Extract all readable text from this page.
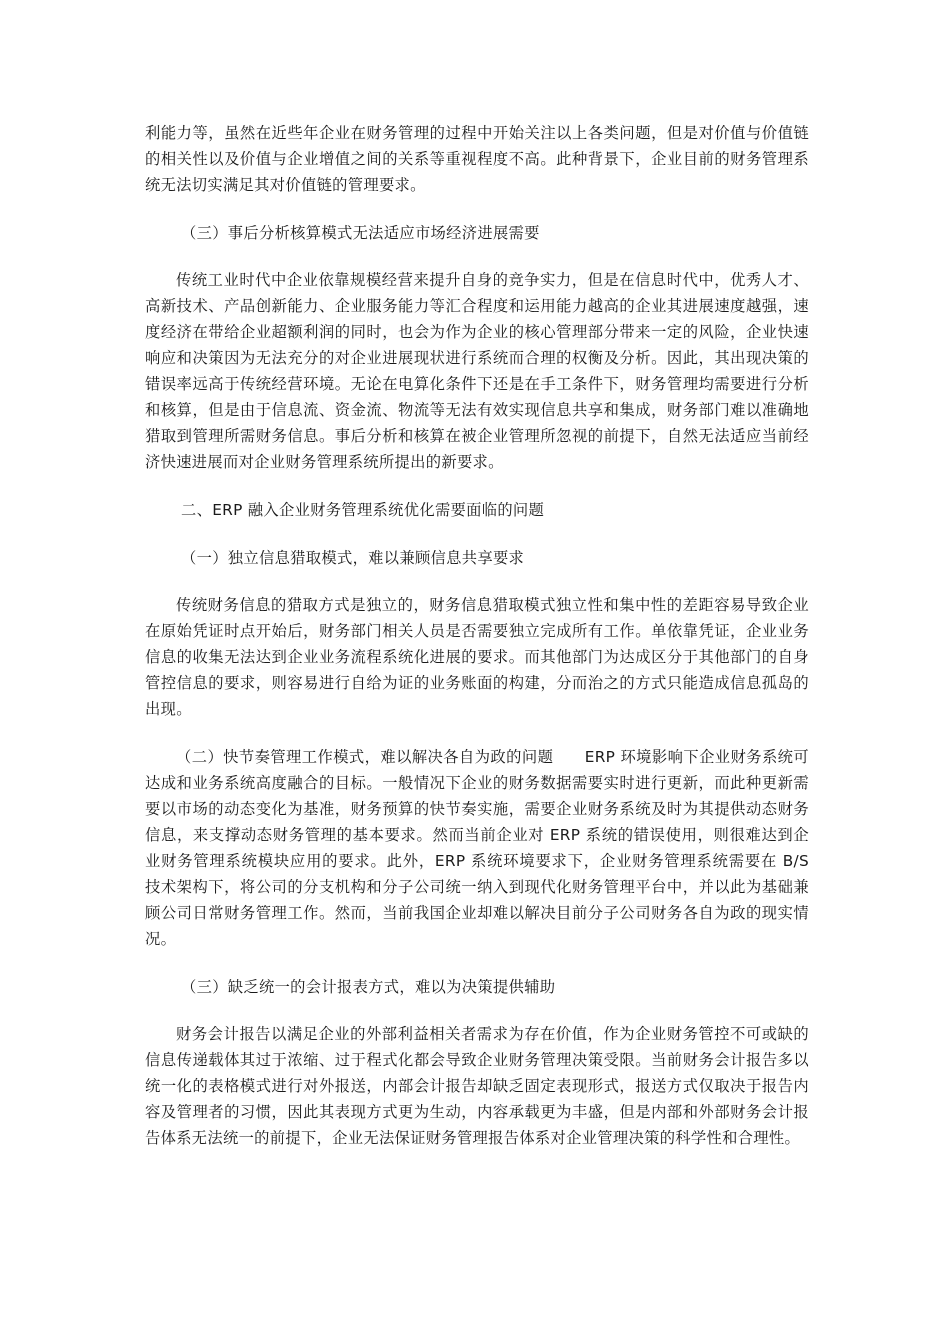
利能力等，虽然在近些年企业在财务管理的过程中开始关注以上各类问题，但是对价值与价值链的相关性以及价值与企业增值之间的关系等重视程度不高。此种背景下，企业目前的财务管理系统无法切实满足其对价值链的管理要求。

（三）事后分析核算模式无法适应市场经济进展需要

传统工业时代中企业依靠规模经营来提升自身的竞争实力，但是在信息时代中，优秀人才、高新技术、产品创新能力、企业服务能力等汇合程度和运用能力越高的企业其进展速度越强，速度经济在带给企业超额利润的同时，也会为作为企业的核心管理部分带来一定的风险，企业快速响应和决策因为无法充分的对企业进展现状进行系统而合理的权衡及分析。因此，其出现决策的错误率远高于传统经营环境。无论在电算化条件下还是在手工条件下，财务管理均需要进行分析和核算，但是由于信息流、资金流、物流等无法有效实现信息共享和集成，财务部门难以准确地猎取到管理所需财务信息。事后分析和核算在被企业管理所忽视的前提下，自然无法适应当前经济快速进展而对企业财务管理系统所提出的新要求。

二、ERP 融入企业财务管理系统优化需要面临的问题

（一）独立信息猎取模式，难以兼顾信息共享要求

传统财务信息的猎取方式是独立的，财务信息猎取模式独立性和集中性的差距容易导致企业在原始凭证时点开始后，财务部门相关人员是否需要独立完成所有工作。单依靠凭证，企业业务信息的收集无法达到企业业务流程系统化进展的要求。而其他部门为达成区分于其他部门的自身管控信息的要求，则容易进行自给为证的业务账面的构建，分而治之的方式只能造成信息孤岛的出现。

（二）快节奏管理工作模式，难以解决各自为政的问题　　ERP 环境影响下企业财务系统可达成和业务系统高度融合的目标。一般情况下企业的财务数据需要实时进行更新，而此种更新需要以市场的动态变化为基准，财务预算的快节奏实施，需要企业财务系统及时为其提供动态财务信息，来支撑动态财务管理的基本要求。然而当前企业对 ERP 系统的错误使用，则很难达到企业财务管理系统模块应用的要求。此外，ERP 系统环境要求下，企业财务管理系统需要在 B/S 技术架构下，将公司的分支机构和分子公司统一纳入到现代化财务管理平台中，并以此为基础兼顾公司日常财务管理工作。然而，当前我国企业却难以解决目前分子公司财务各自为政的现实情况。

（三）缺乏统一的会计报表方式，难以为决策提供辅助

财务会计报告以满足企业的外部利益相关者需求为存在价值，作为企业财务管控不可或缺的信息传递载体其过于浓缩、过于程式化都会导致企业财务管理决策受限。当前财务会计报告多以统一化的表格模式进行对外报送，内部会计报告却缺乏固定表现形式，报送方式仅取决于报告内容及管理者的习惯，因此其表现方式更为生动，内容承载更为丰盛，但是内部和外部财务会计报告体系无法统一的前提下，企业无法保证财务管理报告体系对企业管理决策的科学性和合理性。
